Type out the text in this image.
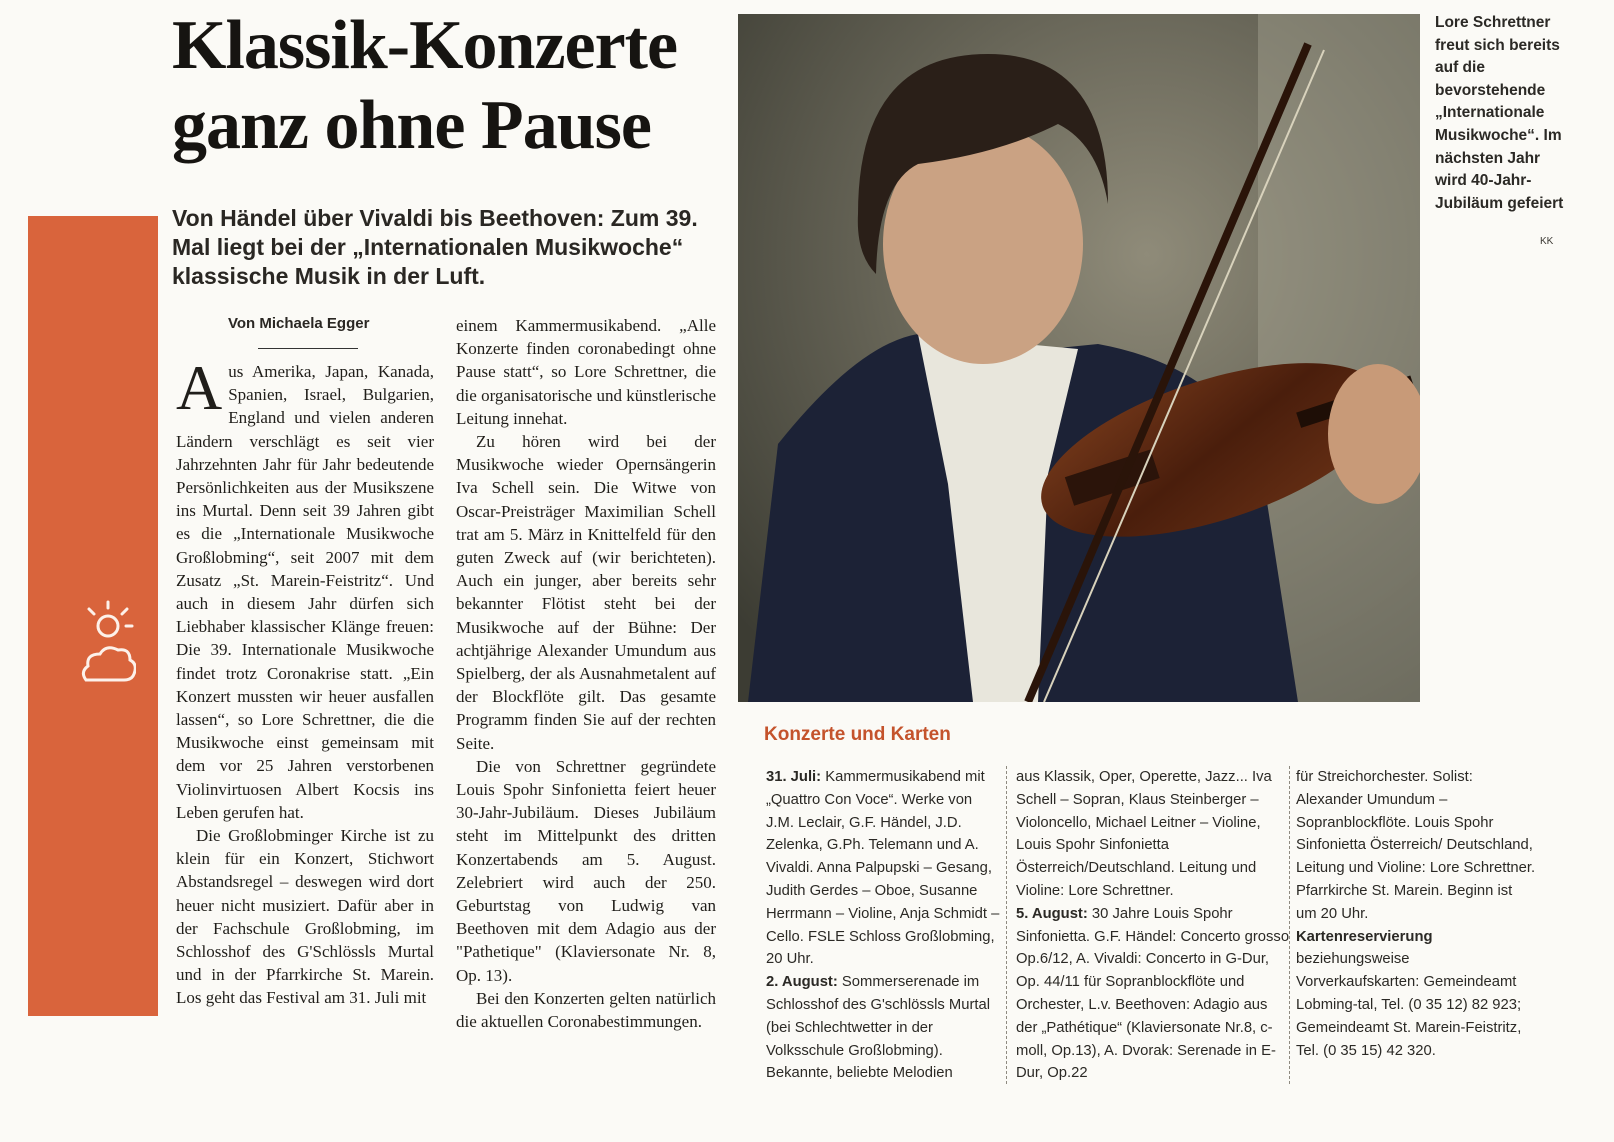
Klassik-Konzerte
ganz ohne Pause
Von Händel über Vivaldi bis Beethoven: Zum 39. Mal liegt bei der „Internationalen Musikwoche“ klassische Musik in der Luft.
Von Michaela Egger

Aus Amerika, Japan, Kanada, Spanien, Israel, Bulgarien, England und vielen anderen Ländern verschlägt es seit vier Jahrzehnten Jahr für Jahr bedeutende Persönlichkeiten aus der Musikszene ins Murtal. Denn seit 39 Jahren gibt es die „Internationale Musikwoche Großlobming“, seit 2007 mit dem Zusatz „St. Marein-Feistritz“. Und auch in diesem Jahr dürfen sich Liebhaber klassischer Klänge freuen: Die 39. Internationale Musikwoche findet trotz Coronakrise statt. „Ein Konzert mussten wir heuer ausfallen lassen“, so Lore Schrettner, die die Musikwoche einst gemeinsam mit dem vor 25 Jahren verstorbenen Violinvirtuosen Albert Kocsis ins Leben gerufen hat.

Die Großlobminger Kirche ist zu klein für ein Konzert, Stichwort Abstandsregel – deswegen wird dort heuer nicht musiziert. Dafür aber in der Fachschule Großlobming, im Schlosshof des G'Schlössls Murtal und in der Pfarrkirche St. Marein. Los geht das Festival am 31. Juli mit

einem Kammermusikabend. „Alle Konzerte finden coronabedingt ohne Pause statt“, so Lore Schrettner, die die organisatorische und künstlerische Leitung innehat.

Zu hören wird bei der Musikwoche wieder Opernsängerin Iva Schell sein. Die Witwe von Oscar-Preisträger Maximilian Schell trat am 5. März in Knittelfeld für den guten Zweck auf (wir berichteten). Auch ein junger, aber bereits sehr bekannter Flötist steht bei der Musikwoche auf der Bühne: Der achtjährige Alexander Umundum aus Spielberg, der als Ausnahmetalent auf der Blockflöte gilt. Das gesamte Programm finden Sie auf der rechten Seite.

Die von Schrettner gegründete Louis Spohr Sinfonietta feiert heuer 30-Jahr-Jubiläum. Dieses Jubiläum steht im Mittelpunkt des dritten Konzertabends am 5. August. Zelebriert wird auch der 250. Geburtstag von Ludwig van Beethoven mit dem Adagio aus der "Pathetique" (Klaviersonate Nr. 8, Op. 13).

Bei den Konzerten gelten natürlich die aktuellen Coronabestimmungen.

Lore Schrettner freut sich bereits auf die bevorstehende „Internationale Musikwoche“. Im nächsten Jahr wird 40-Jahr-Jubiläum gefeiert
KK
Konzerte und Karten
31. Juli: Kammermusikabend mit „Quattro Con Voce“. Werke von J.M. Leclair, G.F. Händel, J.D. Zelenka, G.Ph. Telemann und A. Vivaldi. Anna Palpupski – Gesang, Judith Gerdes – Oboe, Susanne Herrmann – Violine, Anja Schmidt – Cello. FSLE Schloss Großlobming, 20 Uhr.
2. August: Sommerserenade im Schlosshof des G'schlössls Murtal (bei Schlechtwetter in der Volksschule Großlobming). Bekannte, beliebte Melodien
aus Klassik, Oper, Operette, Jazz... Iva Schell – Sopran, Klaus Steinberger – Violoncello, Michael Leitner – Violine, Louis Spohr Sinfonietta Österreich/Deutschland. Leitung und Violine: Lore Schrettner.
5. August: 30 Jahre Louis Spohr Sinfonietta. G.F. Händel: Concerto grosso Op.6/12, A. Vivaldi: Concerto in G-Dur, Op. 44/11 für Sopranblockflöte und Orchester, L.v. Beethoven: Adagio aus der „Pathétique“ (Klaviersonate Nr.8, c-moll, Op.13), A. Dvorak: Serenade in E- Dur, Op.22
für Streichorchester. Solist: Alexander Umundum – Sopranblockflöte. Louis Spohr Sinfonietta Österreich/ Deutschland, Leitung und Violine: Lore Schrettner. Pfarrkirche St. Marein. Beginn ist um 20 Uhr.
Kartenreservierung beziehungsweise Vorverkaufskarten: Gemeindeamt Lobming-tal, Tel. (0 35 12) 82 923; Gemeindeamt St. Marein-Feistritz, Tel. (0 35 15) 42 320.
